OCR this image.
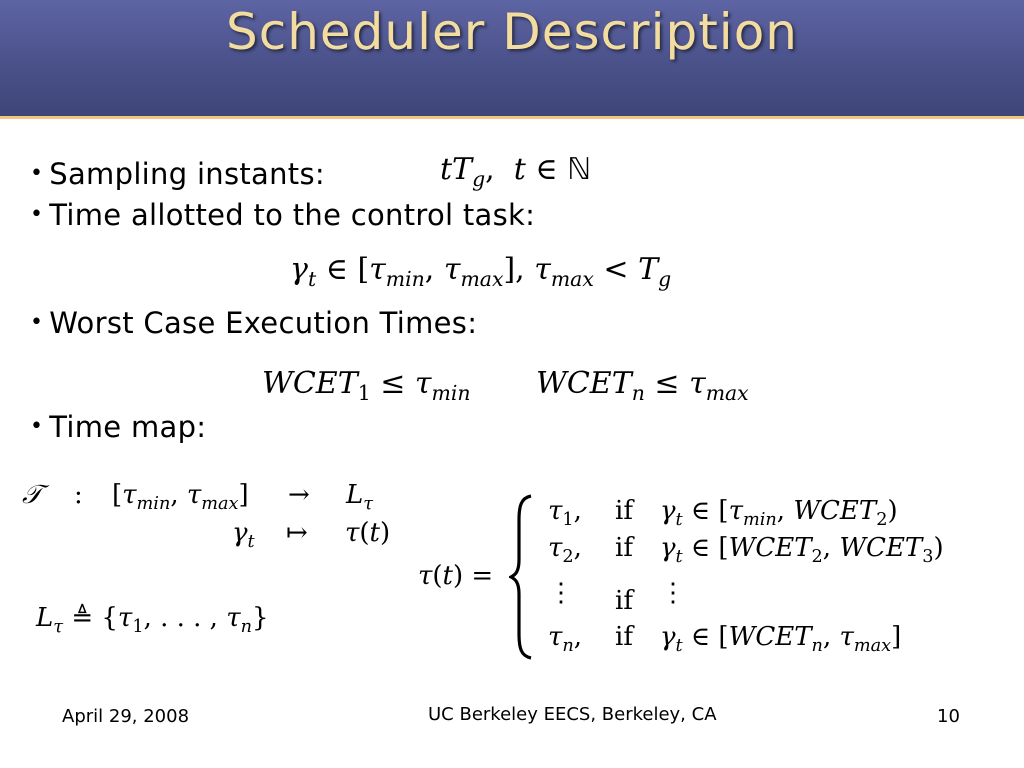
Scheduler Description
• Sampling instants:	$tT_g$,  t ∈ ℕ
• Time allotted to the control task:
$\gamma_t$ ∈ [$\tau_{min}$, $\tau_{max}$], $\tau_{max} < T_g$
• Worst Case Execution Times:
$WCET_1 \le \tau_{min}$ $WCET_n \le \tau_{max}$
• Time map:
𝒯 : [$\tau_{min}$, $\tau_{max}] \to L_\tau$
$\gamma_t$ ↦ τ(t)
$L_\tau$ ≜ {$\tau_1$, . . . , $\tau_n$}
τ(t) =
$\tau_1$, if $\gamma_t$ ∈ [$\tau_{min}$, $WCET_2$)
$\tau_2$, if $\gamma_t$ ∈ [$WCET_2$, $WCET_3$)
⋮ if ⋮
$\tau_n$, if $\gamma_t$ ∈ [$WCET_n$, $\tau_{max}$]
April 29, 2008	UC Berkeley EECS, Berkeley, CA	10
